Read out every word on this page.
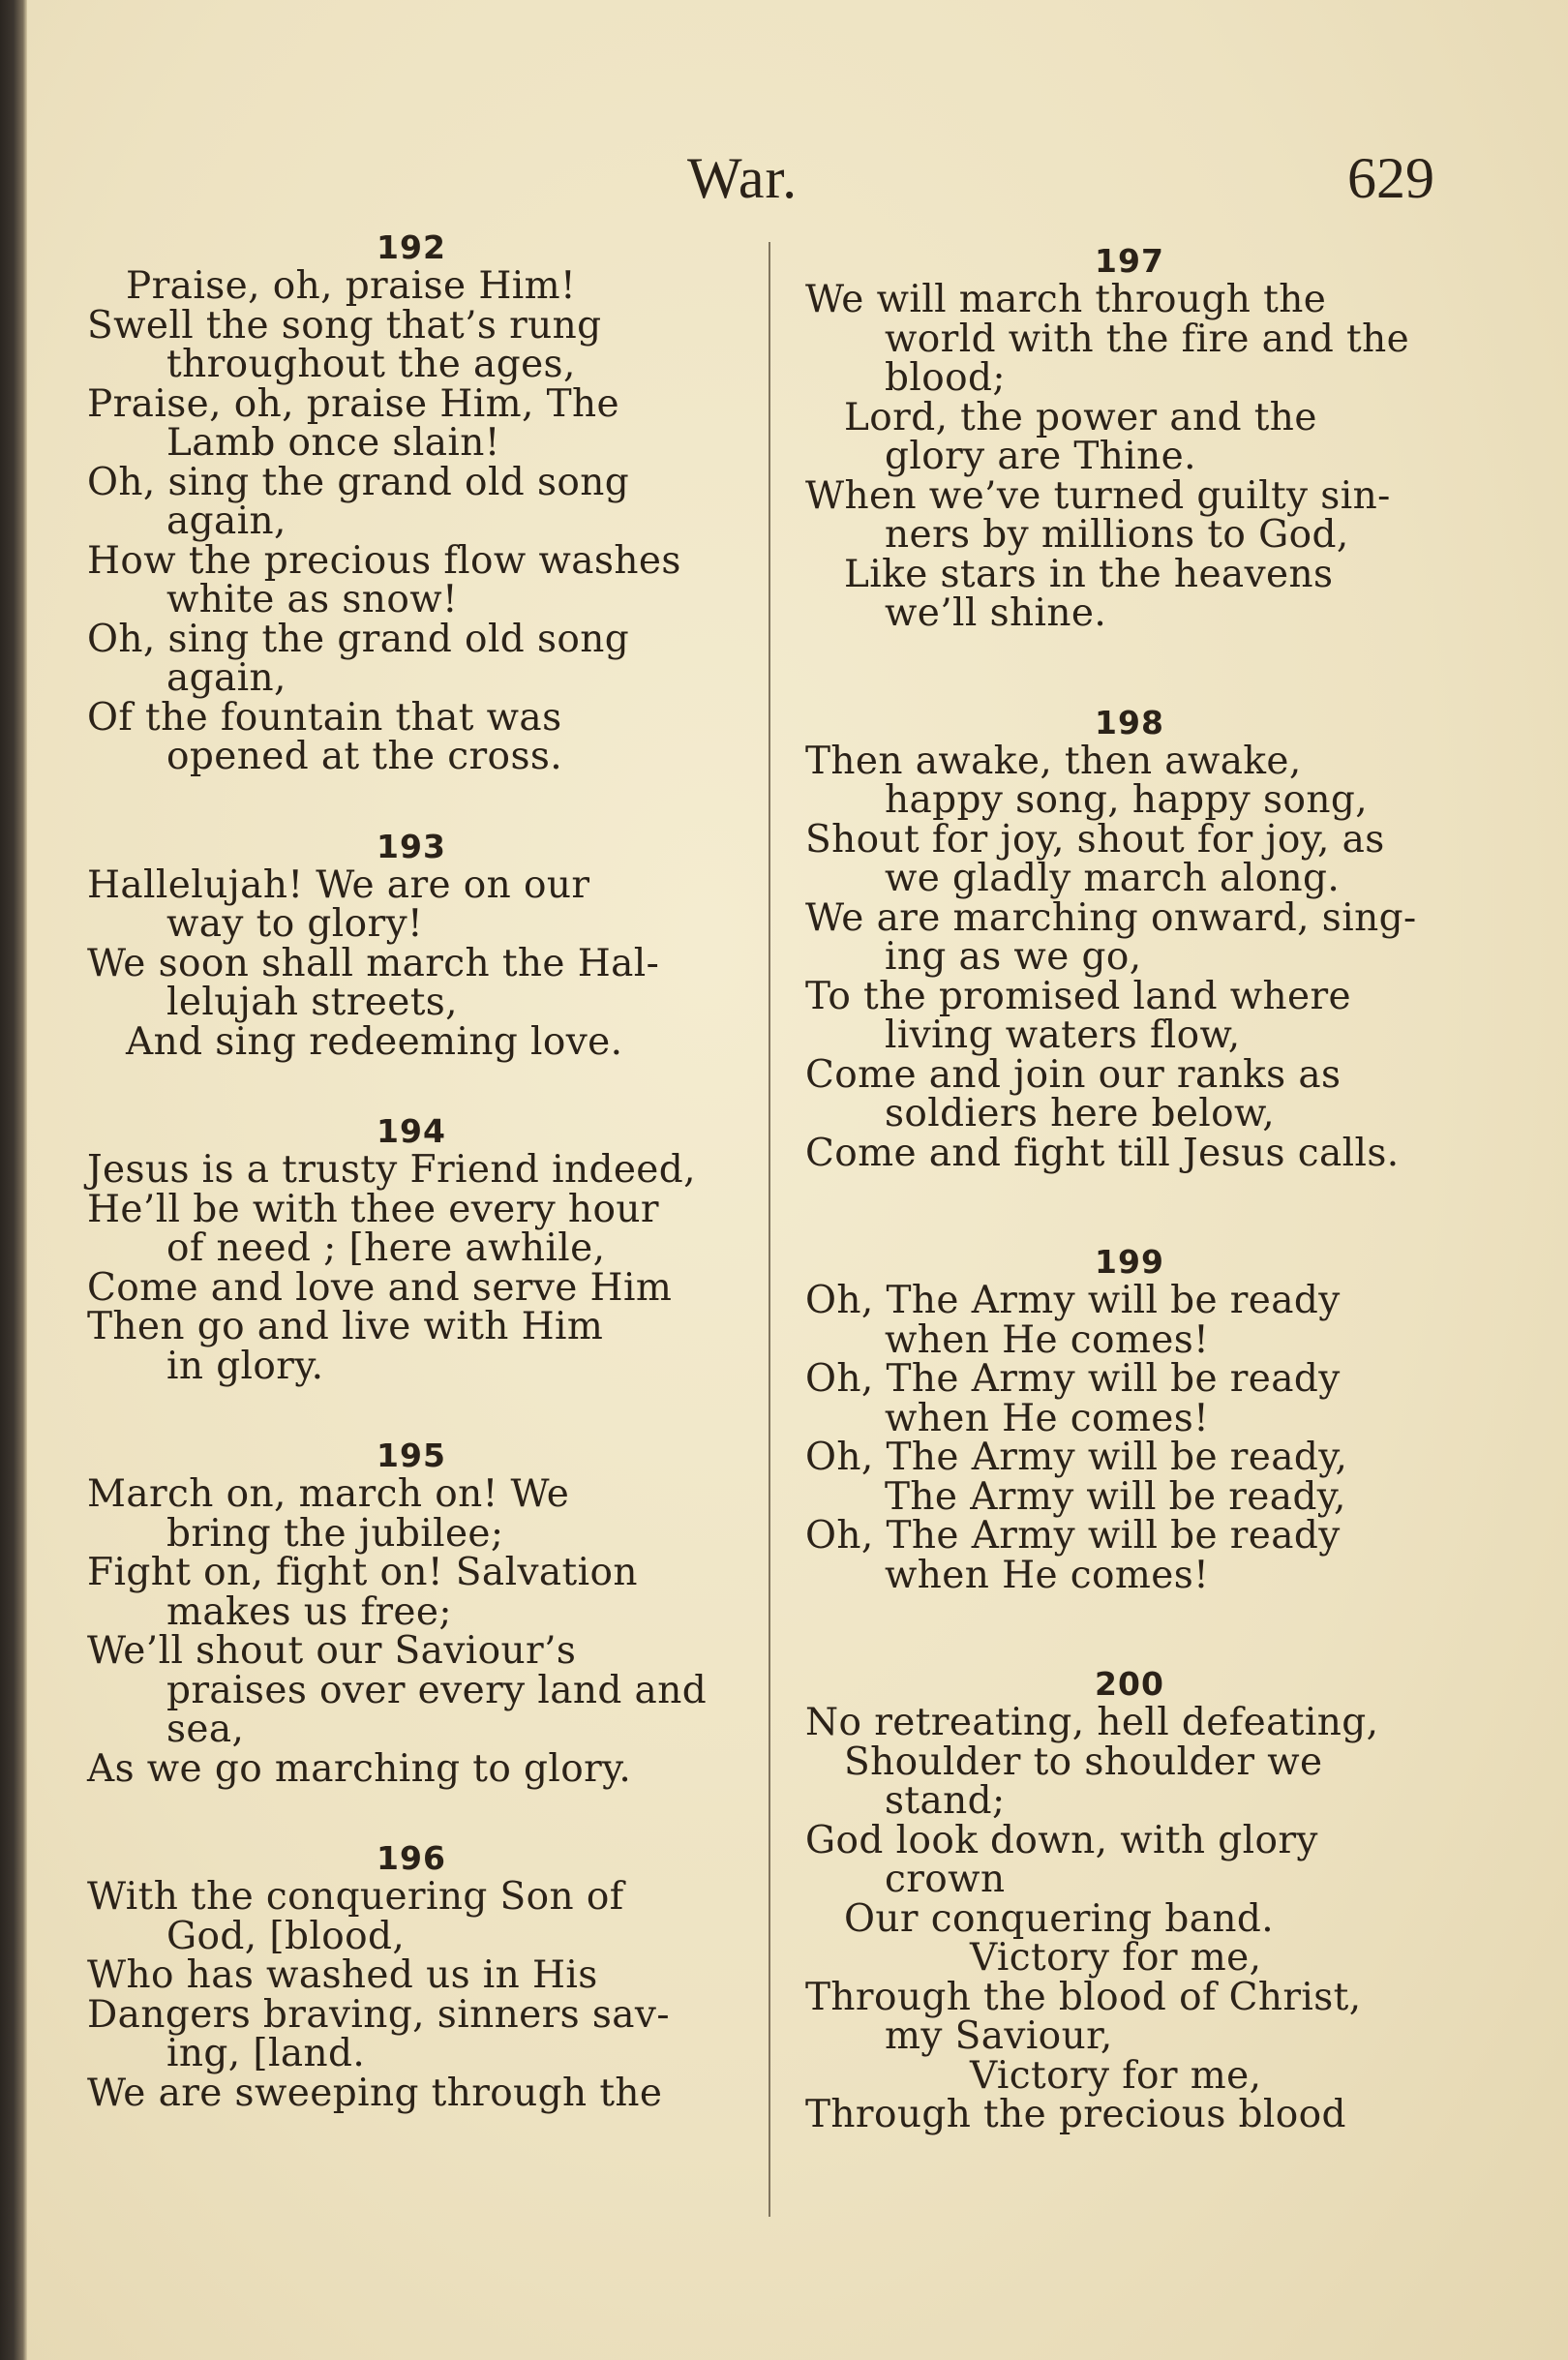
War.	629
192
Praise, oh, praise Him!
Swell the song that’s rung
throughout the ages,
Praise, oh, praise Him, The
Lamb once slain!
Oh, sing the grand old song
again,
How the precious flow washes
white as snow!
Oh, sing the grand old song
again,
Of the fountain that was
opened at the cross.
193
Hallelujah! We are on our
way to glory!
We soon shall march the Hal-
lelujah streets,
And sing redeeming love.
194
Jesus is a trusty Friend indeed,
He’ll be with thee every hour
of need ; [here awhile,
Come and love and serve Him
Then go and live with Him
in glory.
195
March on, march on! We
bring the jubilee;
Fight on, fight on! Salvation
makes us free;
We’ll shout our Saviour’s
praises over every land and
sea,
As we go marching to glory.
196
With the conquering Son of
God, [blood,
Who has washed us in His
Dangers braving, sinners sav-
ing, [land.
We are sweeping through the
197
We will march through the
world with the fire and the
blood;
Lord, the power and the
glory are Thine.
When we’ve turned guilty sin-
ners by millions to God,
Like stars in the heavens
we’ll shine.
198
Then awake, then awake,
happy song, happy song,
Shout for joy, shout for joy, as
we gladly march along.
We are marching onward, sing-
ing as we go,
To the promised land where
living waters flow,
Come and join our ranks as
soldiers here below,
Come and fight till Jesus calls.
199
Oh, The Army will be ready
when He comes!
Oh, The Army will be ready
when He comes!
Oh, The Army will be ready,
The Army will be ready,
Oh, The Army will be ready
when He comes!
200
No retreating, hell defeating,
Shoulder to shoulder we
stand;
God look down, with glory
crown
Our conquering band.
Victory for me,
Through the blood of Christ,
my Saviour,
Victory for me,
Through the precious blood
